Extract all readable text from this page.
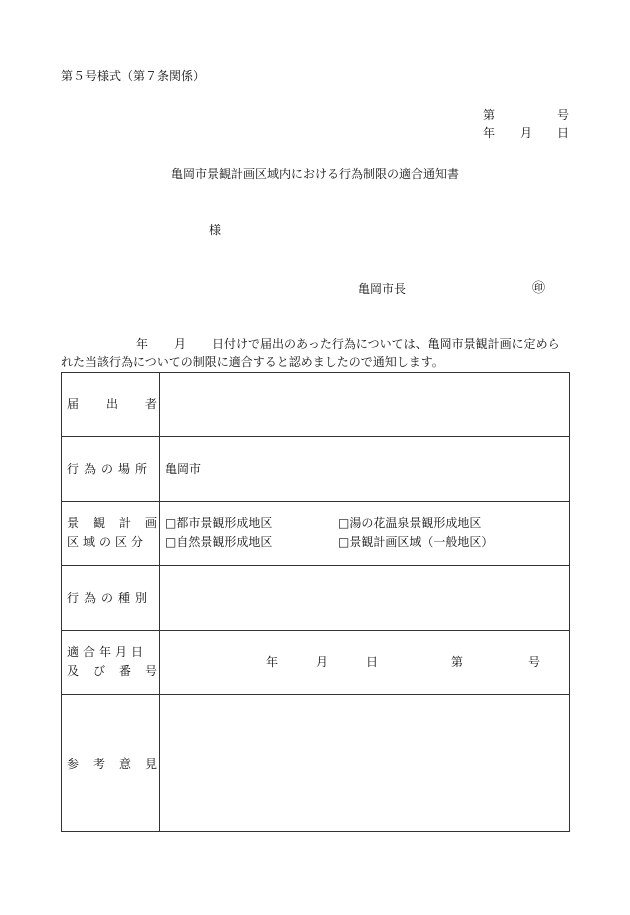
第５号様式（第７条関係）
第	号
年 月 日
亀岡市景観計画区域内における行為制限の適合通知書
様
亀岡市長	㊞
年 月 日付けで届出のあった行為については、亀岡市景観計画に定めら
れた当該行為についての制限に適合すると認めましたので通知します。
届 出 者
行為の場所	亀岡市
景 観 計 画
区域の区分
□都市景観形成地区	□湯の花温泉景観形成地区
□自然景観形成地区	□景観計画区域（一般地区）
行為の種別
適合年月日
及 び 番 号
年	月	日	第	号
参 考 意 見
